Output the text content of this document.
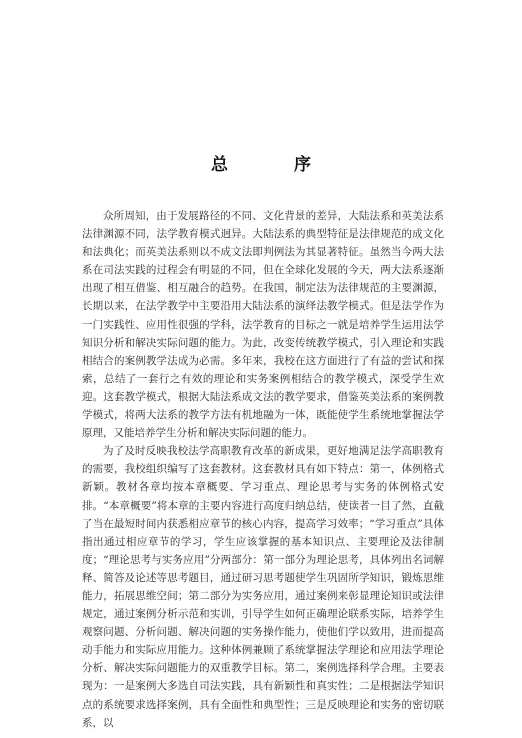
总 序

众所周知，由于发展路径的不同、文化背景的差异，大陆法系和英美法系法律渊源不同，法学教育模式迥异。大陆法系的典型特征是法律规范的成文化和法典化；而英美法系则以不成文法即判例法为其显著特征。虽然当今两大法系在司法实践的过程会有明显的不同，但在全球化发展的今天，两大法系逐渐出现了相互借鉴、相互融合的趋势。在我国，制定法为法律规范的主要渊源，长期以来，在法学教学中主要沿用大陆法系的演绎法教学模式。但是法学作为一门实践性、应用性很强的学科，法学教育的目标之一就是培养学生运用法学知识分析和解决实际问题的能力。为此，改变传统教学模式，引入理论和实践相结合的案例教学法成为必需。多年来，我校在这方面进行了有益的尝试和探索，总结了一套行之有效的理论和实务案例相结合的教学模式，深受学生欢迎。这套教学模式，根据大陆法系成文法的教学要求，借鉴英美法系的案例教学模式，将两大法系的教学方法有机地融为一体，既能使学生系统地掌握法学原理，又能培养学生分析和解决实际问题的能力。

为了及时反映我校法学高职教育改革的新成果，更好地满足法学高职教育的需要，我校组织编写了这套教材。这套教材具有如下特点：第一，体例格式新颖。教材各章均按本章概要、学习重点、理论思考与实务的体例格式安排。“本章概要”将本章的主要内容进行高度归纳总结，使读者一目了然，直截了当在最短时间内获悉相应章节的核心内容，提高学习效率；“学习重点”具体指出通过相应章节的学习，学生应该掌握的基本知识点、主要理论及法律制度；“理论思考与实务应用”分两部分：第一部分为理论思考，具体列出名词解释、简答及论述等思考题目，通过研习思考题使学生巩固所学知识，锻炼思维能力，拓展思维空间；第二部分为实务应用，通过案例来彰显理论知识或法律规定，通过案例分析示范和实训，引导学生如何正确理论联系实际，培养学生观察问题、分析问题、解决问题的实务操作能力，使他们学以致用，进而提高动手能力和实际应用能力。这种体例兼顾了系统掌握法学理论和应用法学理论分析、解决实际问题能力的双重教学目标。第二，案例选择科学合理。主要表现为：一是案例大多选自司法实践，具有新颖性和真实性；二是根据法学知识点的系统要求选择案例，具有全面性和典型性；三是反映理论和实务的密切联系，以
